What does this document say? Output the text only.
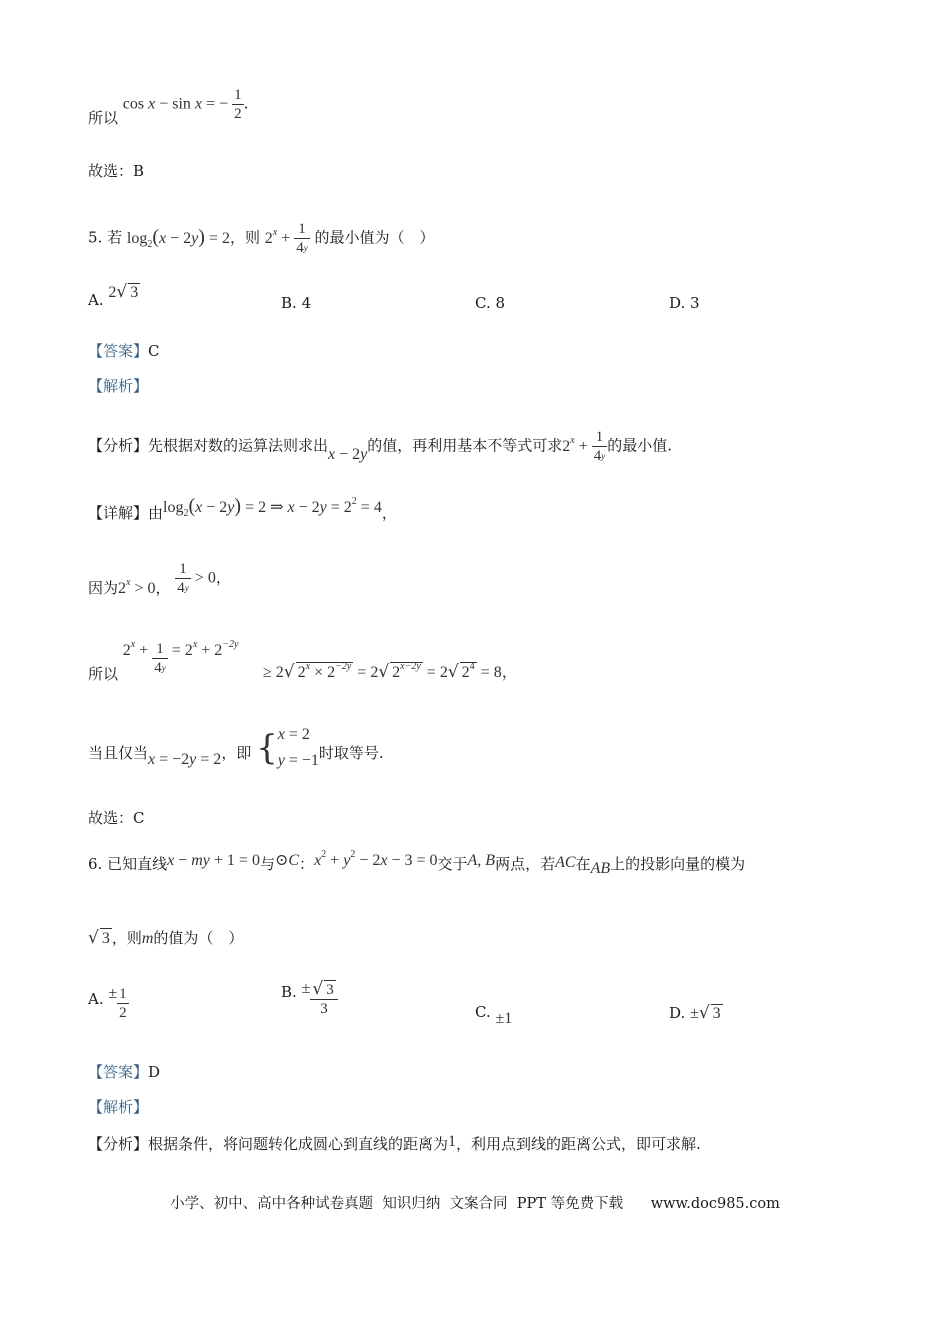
所以 cos x − sin x = − $\frac{1}{2}$ .
故选：B
5. 若 $\log_2(x - 2y) = 2$，则 $2^x + \frac{1}{4^y}$ 的最小值为（　）
A. 2√ 3
B. 4	C. 8	D. 3
【答案】C
【解析】
【分析】先根据对数的运算法则求出x − 2y的值，再利用基本不等式可求$2^x + \frac{1}{4^y}$ 的最小值.
【详解】由$\log_2(x - 2y) = 2$ ⇒ $x - 2y = 2^2 = 4$，
因为$2^x > 0$， $\frac{1}{4^y} > 0$，
所以 $2^x + \frac{1}{4^y} = 2^x + 2^{-2y}$
≥ 2√ $2^x \times 2^{-2y} = 2√$ $2^{x-2y} = 2√$ $2^4 = 8$，
当且仅当x = −2y = 2，即 {x = 2
y = −1时取等号.
故选：C
6. 已知直线x − my + 1 = 0与⊙C：$x^2 + y^2 - 2x - 3 = 0$交于A, B两点，若AC在AB上的投影向量的模为
√ 3 ，则m的值为（　）
A. ± $\frac{1}{2}$	B. ± $\frac{√ 3}{3}$	C. ±1	D. ±√ 3
【答案】D
【解析】
【分析】根据条件，将问题转化成圆心到直线的距离为1，利用点到线的距离公式，即可求解.
小学、初中、高中各种试卷真题  知识归纳  文案合同  PPT 等免费下载      www.doc985.com
